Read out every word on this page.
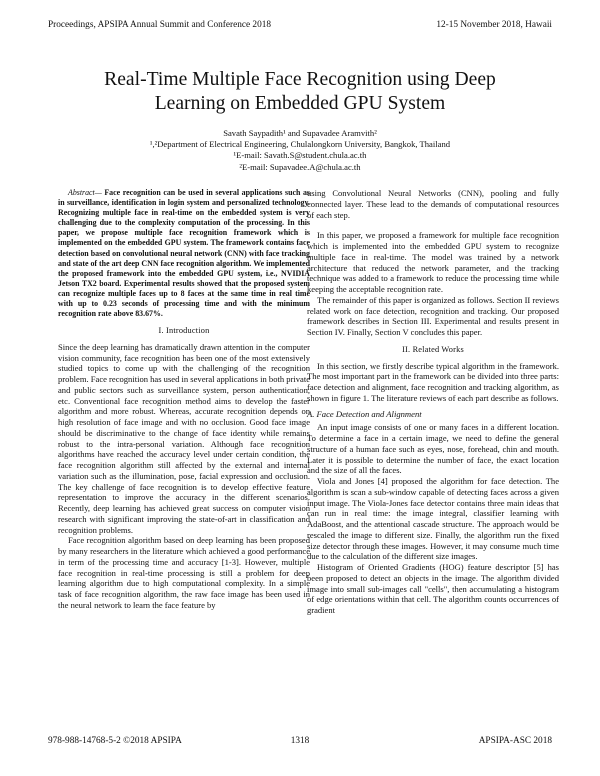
Proceedings, APSIPA Annual Summit and Conference 2018	12-15 November 2018, Hawaii
Real-Time Multiple Face Recognition using Deep
Learning on Embedded GPU System
Savath Saypadith¹ and Supavadee Aramvith²
¹,²Department of Electrical Engineering, Chulalongkorn University, Bangkok, Thailand
¹E-mail: Savath.S@student.chula.ac.th
²E-mail: Supavadee.A@chula.ac.th

Abstract— Face recognition can be used in several applications such as in surveillance, identification in login system and personalized technology. Recognizing multiple face in real-time on the embedded system is very challenging due to the complexity computation of the processing. In this paper, we propose multiple face recognition framework which is implemented on the embedded GPU system. The framework contains face detection based on convolutional neural network (CNN) with face tracking and state of the art deep CNN face recognition algorithm. We implemented the proposed framework into the embedded GPU system, i.e., NVIDIA Jetson TX2 board. Experimental results showed that the proposed system can recognize multiple faces up to 8 faces at the same time in real time with up to 0.23 seconds of processing time and with the minimum recognition rate above 83.67%.

I. Introduction

Since the deep learning has dramatically drawn attention in the computer vision community, face recognition has been one of the most extensively studied topics to come up with the challenging of the recognition problem. Face recognition has used in several applications in both private and public sectors such as surveillance system, person authentication, etc. Conventional face recognition method aims to develop the faster algorithm and more robust. Whereas, accurate recognition depends on high resolution of face image and with no occlusion. Good face image should be discriminative to the change of face identity while remains robust to the intra-personal variation. Although face recognition algorithms have reached the accuracy level under certain condition, the face recognition algorithm still affected by the external and internal variation such as the illumination, pose, facial expression and occlusion. The key challenge of face recognition is to develop effective feature representation to improve the accuracy in the different scenarios. Recently, deep learning has achieved great success on computer vision research with significant improving the state-of-art in classification and recognition problems.

Face recognition algorithm based on deep learning has been proposed by many researchers in the literature which achieved a good performance in term of the processing time and accuracy [1-3]. However, multiple face recognition in real-time processing is still a problem for deep learning algorithm due to high computational complexity. In a simple task of face recognition algorithm, the raw face image has been used in the neural network to learn the face feature by

using Convolutional Neural Networks (CNN), pooling and fully connected layer. These lead to the demands of computational resources of each step.

In this paper, we proposed a framework for multiple face recognition which is implemented into the embedded GPU system to recognize multiple face in real-time. The model was trained by a network architecture that reduced the network parameter, and the tracking technique was added to a framework to reduce the processing time while keeping the acceptable recognition rate.

The remainder of this paper is organized as follows. Section II reviews related work on face detection, recognition and tracking. Our proposed framework describes in Section III. Experimental and results present in Section IV. Finally, Section V concludes this paper.

II. Related Works

In this section, we firstly describe typical algorithm in the framework. The most important part in the framework can be divided into three parts: face detection and alignment, face recognition and tracking algorithm, as shown in figure 1. The literature reviews of each part describe as follows.

A. Face Detection and Alignment

An input image consists of one or many faces in a different location. To determine a face in a certain image, we need to define the general structure of a human face such as eyes, nose, forehead, chin and mouth. Later it is possible to determine the number of face, the exact location and the size of all the faces.

Viola and Jones [4] proposed the algorithm for face detection. The algorithm is scan a sub-window capable of detecting faces across a given input image. The Viola-Jones face detector contains three main ideas that can run in real time: the image integral, classifier learning with AdaBoost, and the attentional cascade structure. The approach would be rescaled the image to different size. Finally, the algorithm run the fixed size detector through these images. However, it may consume much time due to the calculation of the different size images.

Histogram of Oriented Gradients (HOG) feature descriptor [5] has been proposed to detect an objects in the image. The algorithm divided image into small sub-images call "cells", then accumulating a histogram of edge orientations within that cell. The algorithm counts occurrences of gradient

978-988-14768-5-2 ©2018 APSIPA	1318	APSIPA-ASC 2018
